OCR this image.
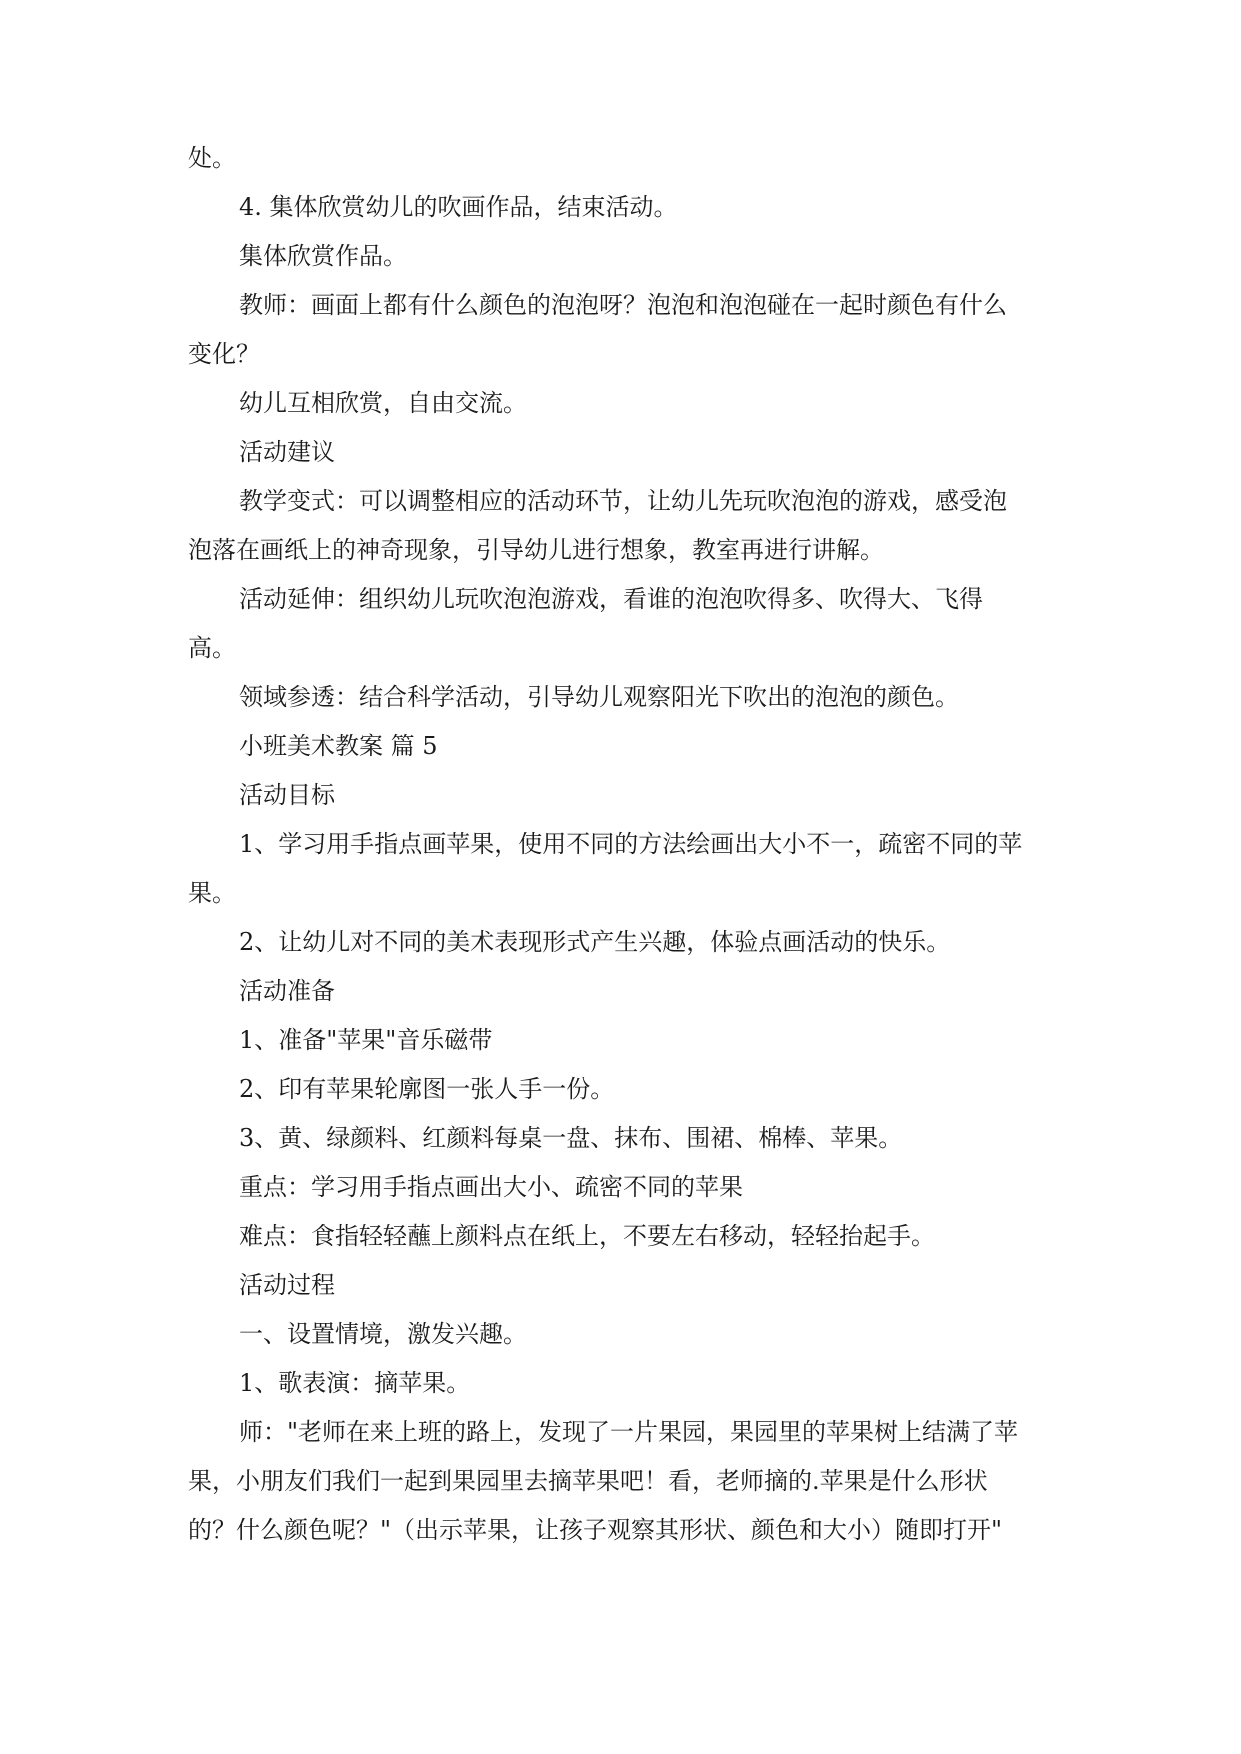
处。
4. 集体欣赏幼儿的吹画作品，结束活动。
集体欣赏作品。
教师：画面上都有什么颜色的泡泡呀？泡泡和泡泡碰在一起时颜色有什么
变化？
幼儿互相欣赏，自由交流。
活动建议
教学变式：可以调整相应的活动环节，让幼儿先玩吹泡泡的游戏，感受泡
泡落在画纸上的神奇现象，引导幼儿进行想象，教室再进行讲解。
活动延伸：组织幼儿玩吹泡泡游戏，看谁的泡泡吹得多、吹得大、飞得
高。
领域参透：结合科学活动，引导幼儿观察阳光下吹出的泡泡的颜色。
小班美术教案 篇 5
活动目标
1、学习用手指点画苹果，使用不同的方法绘画出大小不一，疏密不同的苹
果。
2、让幼儿对不同的美术表现形式产生兴趣，体验点画活动的快乐。
活动准备
1、准备"苹果"音乐磁带
2、印有苹果轮廓图一张人手一份。
3、黄、绿颜料、红颜料每桌一盘、抹布、围裙、棉棒、苹果。
重点：学习用手指点画出大小、疏密不同的苹果
难点：食指轻轻蘸上颜料点在纸上，不要左右移动，轻轻抬起手。
活动过程
一、设置情境，激发兴趣。
1、歌表演：摘苹果。
师："老师在来上班的路上，发现了一片果园，果园里的苹果树上结满了苹
果，小朋友们我们一起到果园里去摘苹果吧！看，老师摘的.苹果是什么形状
的？什么颜色呢？"（出示苹果，让孩子观察其形状、颜色和大小）随即打开"
